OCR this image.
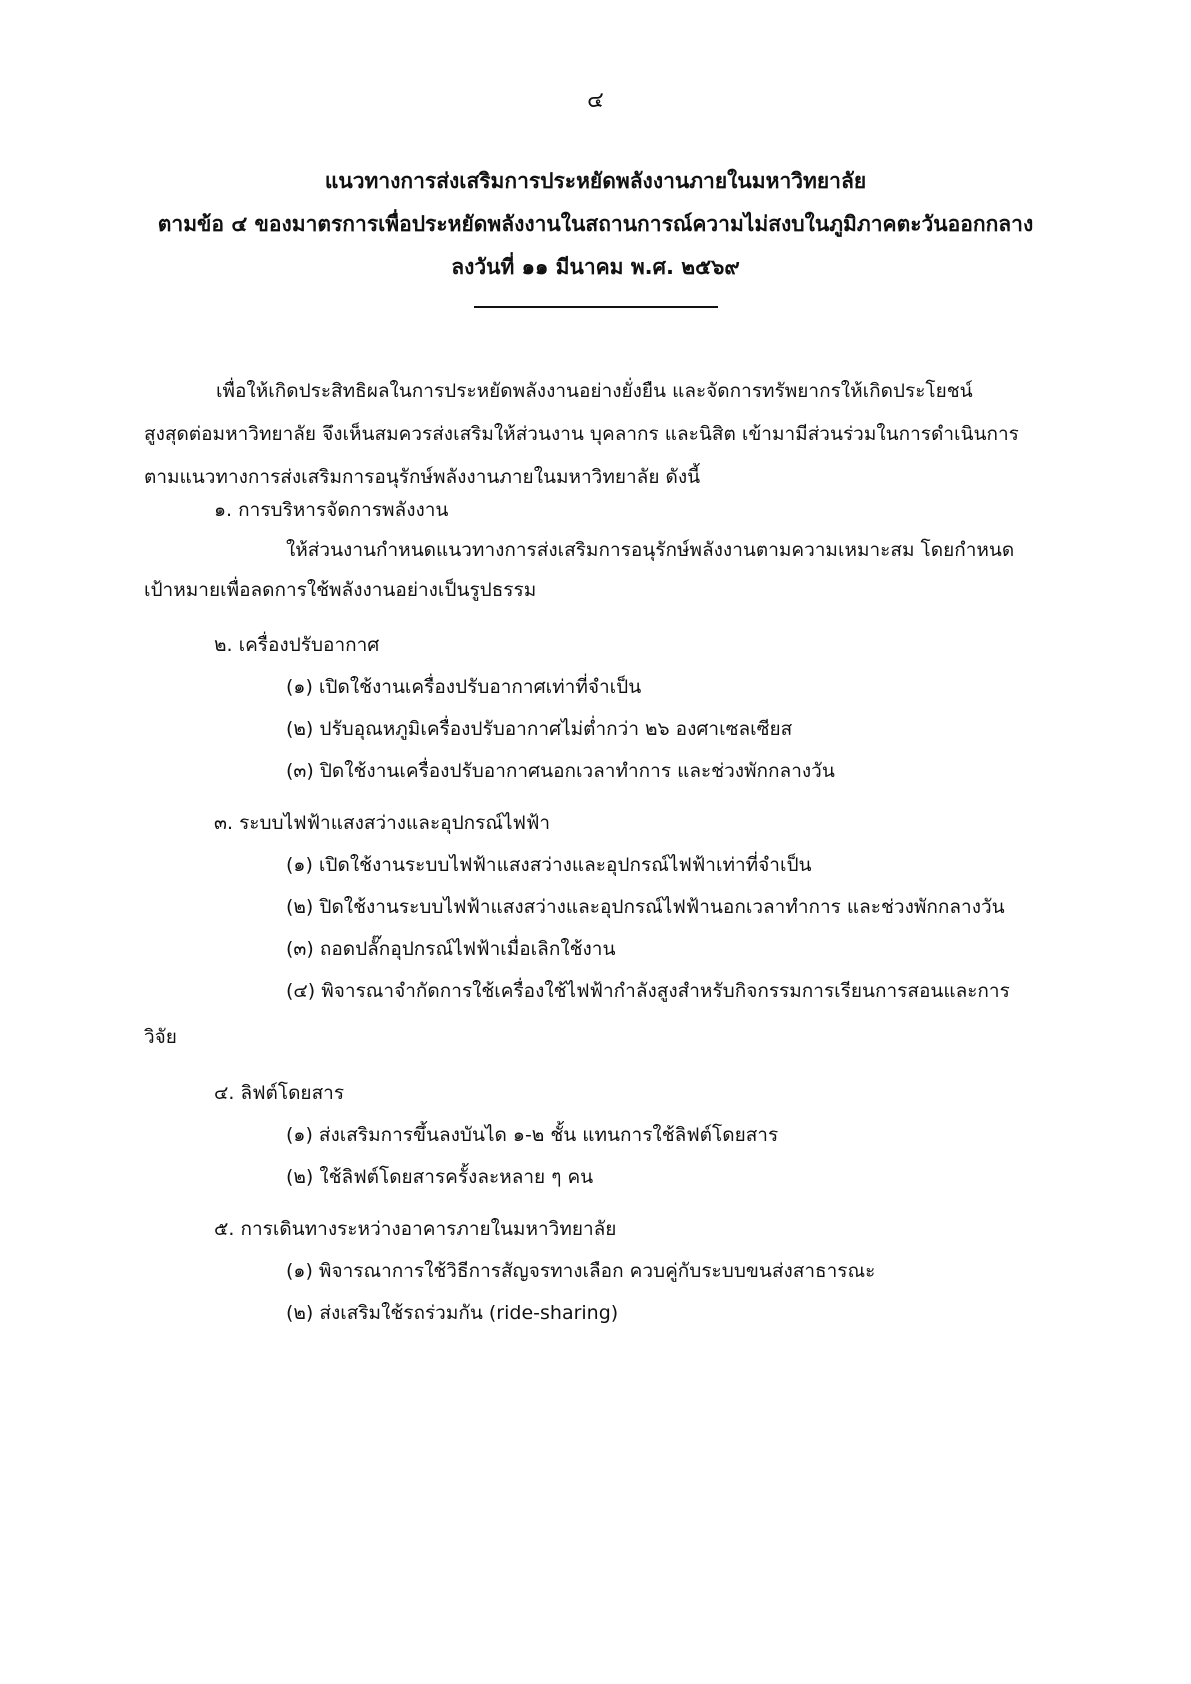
๔
แนวทางการส่งเสริมการประหยัดพลังงานภายในมหาวิทยาลัย
ตามข้อ ๔ ของมาตรการเพื่อประหยัดพลังงานในสถานการณ์ความไม่สงบในภูมิภาคตะวันออกกลาง
ลงวันที่ ๑๑ มีนาคม พ.ศ. ๒๕๖๙
เพื่อให้เกิดประสิทธิผลในการประหยัดพลังงานอย่างยั่งยืน และจัดการทรัพยากรให้เกิดประโยชน์
สูงสุดต่อมหาวิทยาลัย จึงเห็นสมควรส่งเสริมให้ส่วนงาน บุคลากร และนิสิต เข้ามามีส่วนร่วมในการดำเนินการ
ตามแนวทางการส่งเสริมการอนุรักษ์พลังงานภายในมหาวิทยาลัย ดังนี้
๑. การบริหารจัดการพลังงาน
ให้ส่วนงานกำหนดแนวทางการส่งเสริมการอนุรักษ์พลังงานตามความเหมาะสม โดยกำหนด
เป้าหมายเพื่อลดการใช้พลังงานอย่างเป็นรูปธรรม
๒. เครื่องปรับอากาศ
(๑) เปิดใช้งานเครื่องปรับอากาศเท่าที่จำเป็น
(๒) ปรับอุณหภูมิเครื่องปรับอากาศไม่ต่ำกว่า ๒๖ องศาเซลเซียส
(๓) ปิดใช้งานเครื่องปรับอากาศนอกเวลาทำการ และช่วงพักกลางวัน
๓. ระบบไฟฟ้าแสงสว่างและอุปกรณ์ไฟฟ้า
(๑) เปิดใช้งานระบบไฟฟ้าแสงสว่างและอุปกรณ์ไฟฟ้าเท่าที่จำเป็น
(๒) ปิดใช้งานระบบไฟฟ้าแสงสว่างและอุปกรณ์ไฟฟ้านอกเวลาทำการ และช่วงพักกลางวัน
(๓) ถอดปลั๊กอุปกรณ์ไฟฟ้าเมื่อเลิกใช้งาน
(๔) พิจารณาจำกัดการใช้เครื่องใช้ไฟฟ้ากำลังสูงสำหรับกิจกรรมการเรียนการสอนและการ
วิจัย
๔. ลิฟต์โดยสาร
(๑) ส่งเสริมการขึ้นลงบันได ๑-๒ ชั้น แทนการใช้ลิฟต์โดยสาร
(๒) ใช้ลิฟต์โดยสารครั้งละหลาย ๆ คน
๕. การเดินทางระหว่างอาคารภายในมหาวิทยาลัย
(๑) พิจารณาการใช้วิธีการสัญจรทางเลือก ควบคู่กับระบบขนส่งสาธารณะ
(๒) ส่งเสริมใช้รถร่วมกัน (ride-sharing)
